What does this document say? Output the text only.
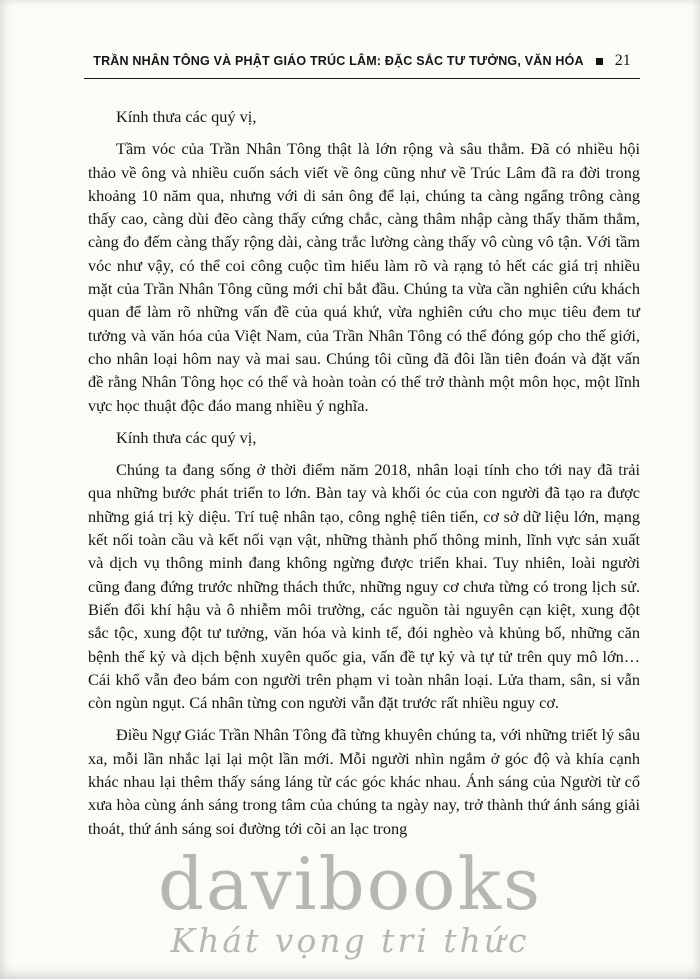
TRẦN NHÂN TÔNG VÀ PHẬT GIÁO TRÚC LÂM: ĐẶC SẮC TƯ TƯỞNG, VĂN HÓA 21

Kính thưa các quý vị,

Tầm vóc của Trần Nhân Tông thật là lớn rộng và sâu thẳm. Đã có nhiều hội thảo về ông và nhiều cuốn sách viết về ông cũng như về Trúc Lâm đã ra đời trong khoảng 10 năm qua, nhưng với di sản ông để lại, chúng ta càng ngẩng trông càng thấy cao, càng dùi đẽo càng thấy cứng chắc, càng thâm nhập càng thấy thăm thẳm, càng đo đếm càng thấy rộng dài, càng trắc lường càng thấy vô cùng vô tận. Với tầm vóc như vậy, có thể coi công cuộc tìm hiểu làm rõ và rạng tỏ hết các giá trị nhiều mặt của Trần Nhân Tông cũng mới chỉ bắt đầu. Chúng ta vừa cần nghiên cứu khách quan để làm rõ những vấn đề của quá khứ, vừa nghiên cứu cho mục tiêu đem tư tưởng và văn hóa của Việt Nam, của Trần Nhân Tông có thể đóng góp cho thế giới, cho nhân loại hôm nay và mai sau. Chúng tôi cũng đã đôi lần tiên đoán và đặt vấn đề rằng Nhân Tông học có thể và hoàn toàn có thể trở thành một môn học, một lĩnh vực học thuật độc đáo mang nhiều ý nghĩa.

Kính thưa các quý vị,

Chúng ta đang sống ở thời điểm năm 2018, nhân loại tính cho tới nay đã trải qua những bước phát triển to lớn. Bàn tay và khối óc của con người đã tạo ra được những giá trị kỳ diệu. Trí tuệ nhân tạo, công nghệ tiên tiến, cơ sở dữ liệu lớn, mạng kết nối toàn cầu và kết nối vạn vật, những thành phố thông minh, lĩnh vực sản xuất và dịch vụ thông minh đang không ngừng được triển khai. Tuy nhiên, loài người cũng đang đứng trước những thách thức, những nguy cơ chưa từng có trong lịch sử. Biến đổi khí hậu và ô nhiễm môi trường, các nguồn tài nguyên cạn kiệt, xung đột sắc tộc, xung đột tư tưởng, văn hóa và kinh tế, đói nghèo và khủng bố, những căn bệnh thế kỷ và dịch bệnh xuyên quốc gia, vấn đề tự kỷ và tự tử trên quy mô lớn… Cái khổ vẫn đeo bám con người trên phạm vi toàn nhân loại. Lửa tham, sân, si vẫn còn ngùn ngụt. Cá nhân từng con người vẫn đặt trước rất nhiều nguy cơ.

Điều Ngự Giác Trần Nhân Tông đã từng khuyên chúng ta, với những triết lý sâu xa, mỗi lần nhắc lại lại một lần mới. Mỗi người nhìn ngắm ở góc độ và khía cạnh khác nhau lại thêm thấy sáng láng từ các góc khác nhau. Ánh sáng của Người từ cổ xưa hòa cùng ánh sáng trong tâm của chúng ta ngày nay, trở thành thứ ánh sáng giải thoát, thứ ánh sáng soi đường tới cõi an lạc trong

davibooks
Khát vọng tri thức
